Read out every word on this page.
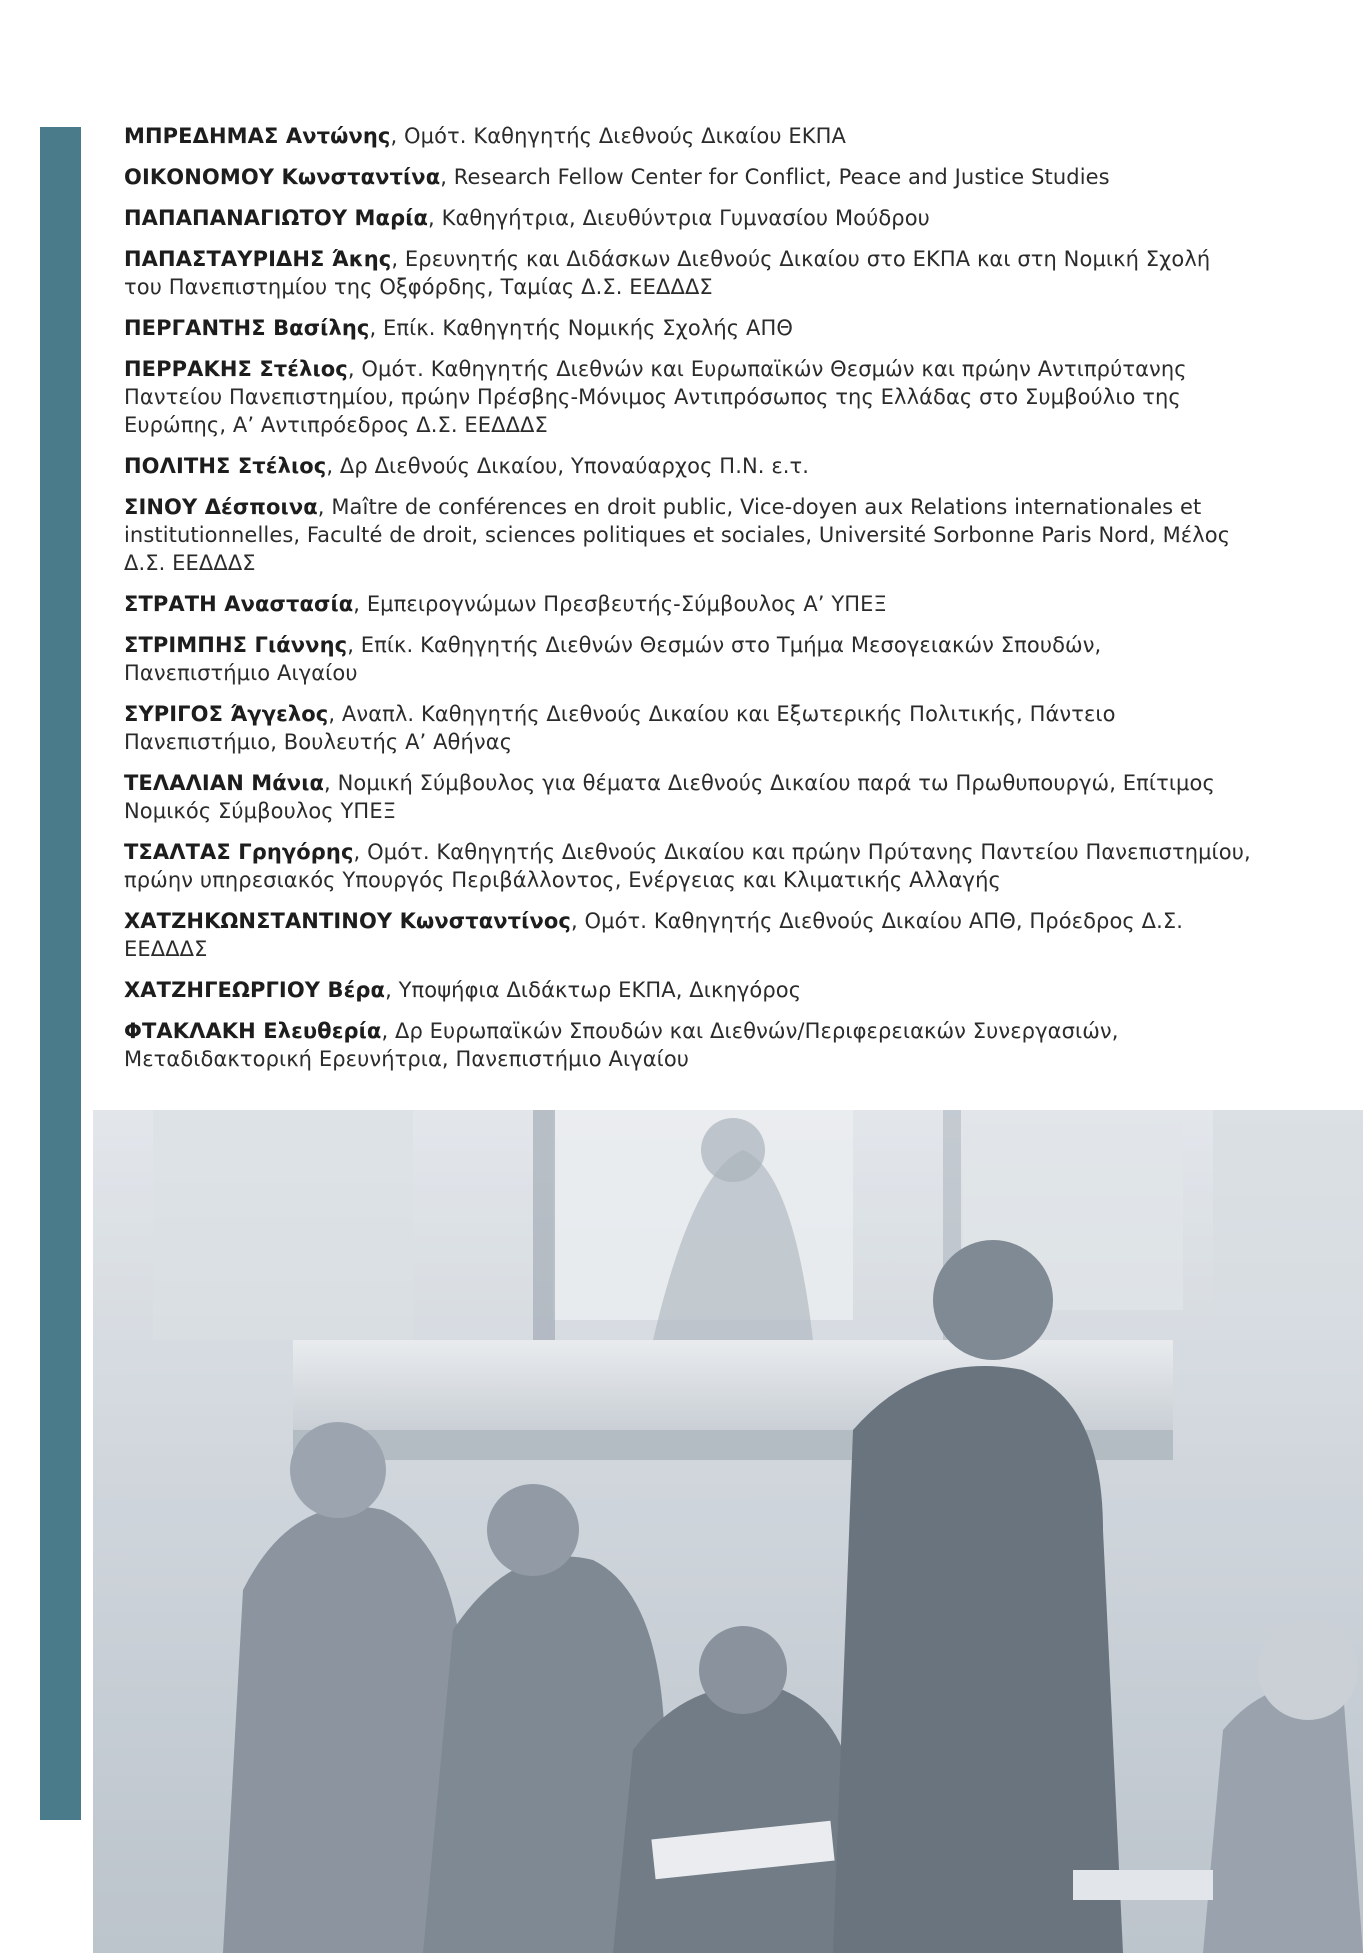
ΜΠΡΕΔΗΜΑΣ Αντώνης, Ομότ. Καθηγητής Διεθνούς Δικαίου ΕΚΠΑ

ΟΙΚΟΝΟΜΟΥ Κωνσταντίνα, Research Fellow Center for Conflict, Peace and Justice Studies

ΠΑΠΑΠΑΝΑΓΙΩΤΟΥ Μαρία, Καθηγήτρια, Διευθύντρια Γυμνασίου Μούδρου

ΠΑΠΑΣΤΑΥΡΙΔΗΣ Άκης, Ερευνητής και Διδάσκων Διεθνούς Δικαίου στο ΕΚΠΑ και στη Νομική Σχολή του Πανεπιστημίου της Οξφόρδης, Ταμίας Δ.Σ. ΕΕΔΔΔΣ

ΠΕΡΓΑΝΤΗΣ Βασίλης, Επίκ. Καθηγητής Νομικής Σχολής ΑΠΘ

ΠΕΡΡΑΚΗΣ Στέλιος, Ομότ. Καθηγητής Διεθνών και Ευρωπαϊκών Θεσμών και πρώην Αντιπρύτανης Παντείου Πανεπιστημίου, πρώην Πρέσβης-Μόνιμος Αντιπρόσωπος της Ελλάδας στο Συμβούλιο της Ευρώπης, Α’ Αντιπρόεδρος Δ.Σ. ΕΕΔΔΔΣ

ΠΟΛΙΤΗΣ Στέλιος, Δρ Διεθνούς Δικαίου, Υποναύαρχος Π.Ν. ε.τ.

ΣΙΝΟΥ Δέσποινα, Maître de conférences en droit public, Vice-doyen aux Relations internationales et institutionnelles, Faculté de droit, sciences politiques et sociales, Université Sorbonne Paris Nord, Μέλος Δ.Σ. ΕΕΔΔΔΣ

ΣΤΡΑΤΗ Αναστασία, Εμπειρογνώμων Πρεσβευτής-Σύμβουλος Α’ ΥΠΕΞ

ΣΤΡΙΜΠΗΣ Γιάννης, Επίκ. Καθηγητής Διεθνών Θεσμών στο Τμήμα Μεσογειακών Σπουδών, Πανεπιστήμιο Αιγαίου

ΣΥΡΙΓΟΣ Άγγελος, Αναπλ. Καθηγητής Διεθνούς Δικαίου και Εξωτερικής Πολιτικής, Πάντειο Πανεπιστήμιο, Βουλευτής Α’ Αθήνας

ΤΕΛΑΛΙΑΝ Μάνια, Νομική Σύμβουλος για θέματα Διεθνούς Δικαίου παρά τω Πρωθυπουργώ, Επίτιμος Νομικός Σύμβουλος ΥΠΕΞ

ΤΣΑΛΤΑΣ Γρηγόρης, Ομότ. Καθηγητής Διεθνούς Δικαίου και πρώην Πρύτανης Παντείου Πανεπιστημίου, πρώην υπηρεσιακός Υπουργός Περιβάλλοντος, Ενέργειας και Κλιματικής Αλλαγής

ΧΑΤΖΗΚΩΝΣΤΑΝΤΙΝΟΥ Κωνσταντίνος, Ομότ. Καθηγητής Διεθνούς Δικαίου ΑΠΘ, Πρόεδρος Δ.Σ. ΕΕΔΔΔΣ

ΧΑΤΖΗΓΕΩΡΓΙΟΥ Βέρα, Υποψήφια Διδάκτωρ ΕΚΠΑ, Δικηγόρος

ΦΤΑΚΛΑΚΗ Ελευθερία, Δρ Ευρωπαϊκών Σπουδών και Διεθνών/Περιφερειακών Συνεργασιών, Μεταδιδακτορική Ερευνήτρια, Πανεπιστήμιο Αιγαίου
